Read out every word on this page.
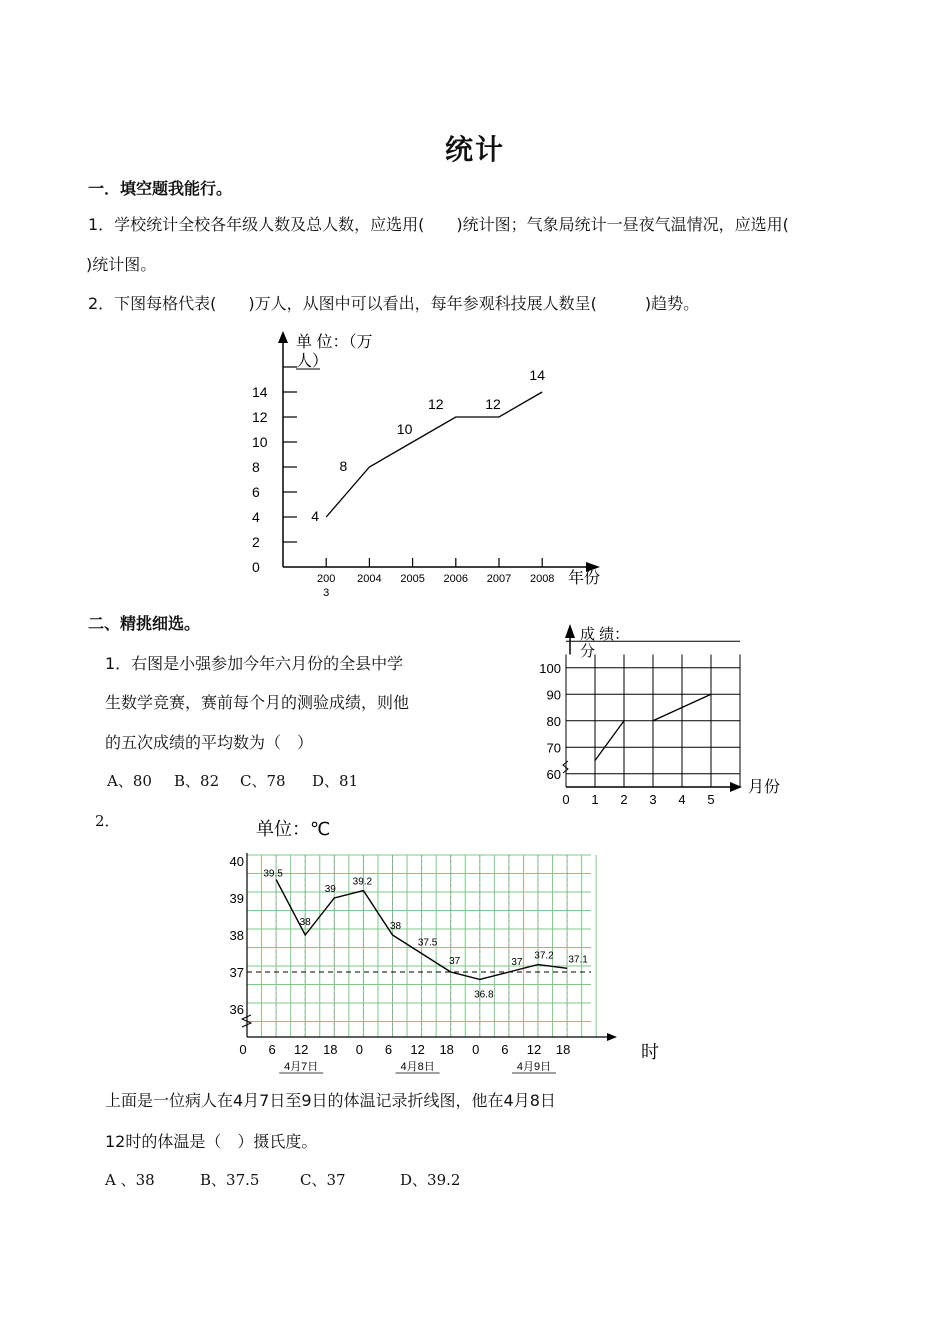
统计
一．填空题我能行。
1．学校统计全校各年级人数及总人数，应选用(　　)统计图；气象局统计一昼夜气温情况，应选用(
)统计图。
2．下图每格代表(　　)万人，从图中可以看出，每年参观科技展人数呈(　　　)趋势。
0
2
4
6
8
10
12
14
200 2004 2005 2006 2007 2008
3
4
8
10
12	12
14
单 位：（万
人）
年份
二、精挑细选。
1．右图是小强参加今年六月份的全县中学
生数学竞赛，赛前每个月的测验成绩，则他
的五次成绩的平均数为（　）
A、80 B、82 C、78 D、81	60
70
80
90
100
0 1 2 3 4 5
成 绩：
分
月份
2．
36
37
38
39
40
0 6 12 18 0 6 12 18 0 6 12 18
4月7日	4月8日	4月9日
39.5
38
39
39.2
38
37.5
37
36.8
37
37.2 37.1
单位：℃
时
上面是一位病人在4月7日至9日的体温记录折线图，他在4月8日
12时的体温是（　）摄氏度。
A 、38	B、37.5	C、37	D、39.2
